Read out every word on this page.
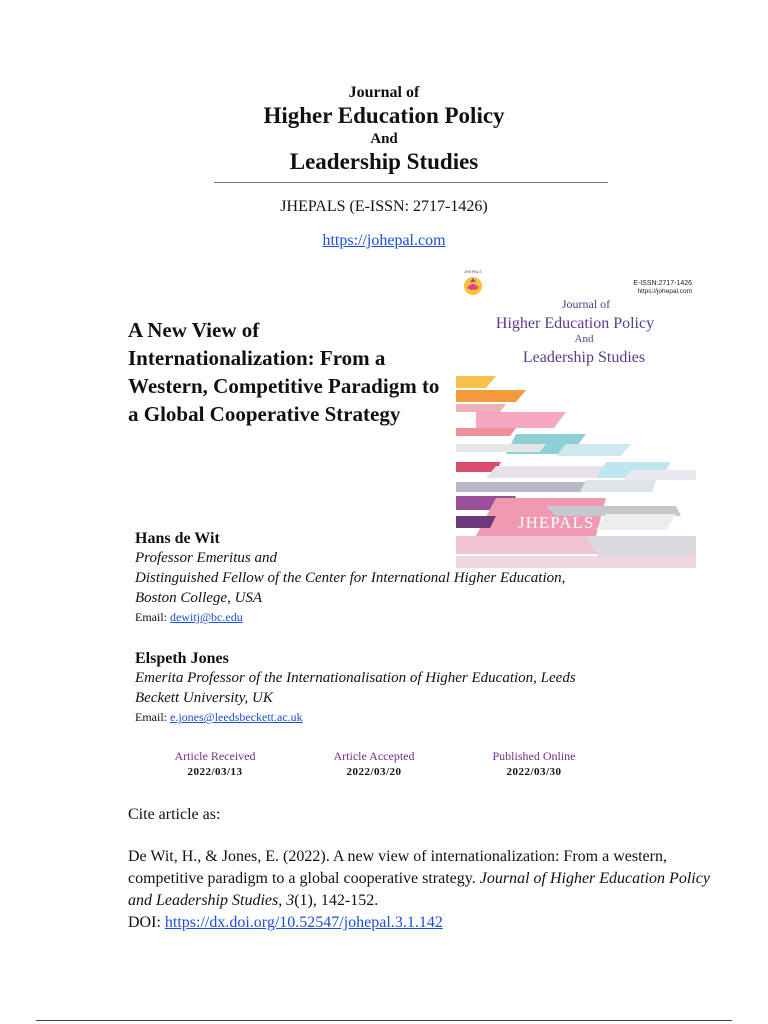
Journal of
Higher Education Policy
And
Leadership Studies
JHEPALS (E-ISSN: 2717-1426)
https://johepal.com
A New View of Internationalization: From a Western, Competitive Paradigm to a Global Cooperative Strategy
JHEPALS
E-ISSN:2717-1426
https://johepal.com
Journal of
Higher Education Policy
And
Leadership Studies
JHEPALS
Hans de Wit
Professor Emeritus and
Distinguished Fellow of the Center for International Higher Education, Boston College, USA
Email: dewitj@bc.edu
Elspeth Jones
Emerita Professor of the Internationalisation of Higher Education, Leeds Beckett University, UK
Email: e.jones@leedsbeckett.ac.uk
Article Received
2022/03/13
Article Accepted
2022/03/20
Published Online
2022/03/30
Cite article as:
De Wit, H., & Jones, E. (2022). A new view of internationalization: From a western, competitive paradigm to a global cooperative strategy. Journal of Higher Education Policy and Leadership Studies, 3(1), 142-152.
DOI: https://dx.doi.org/10.52547/johepal.3.1.142
